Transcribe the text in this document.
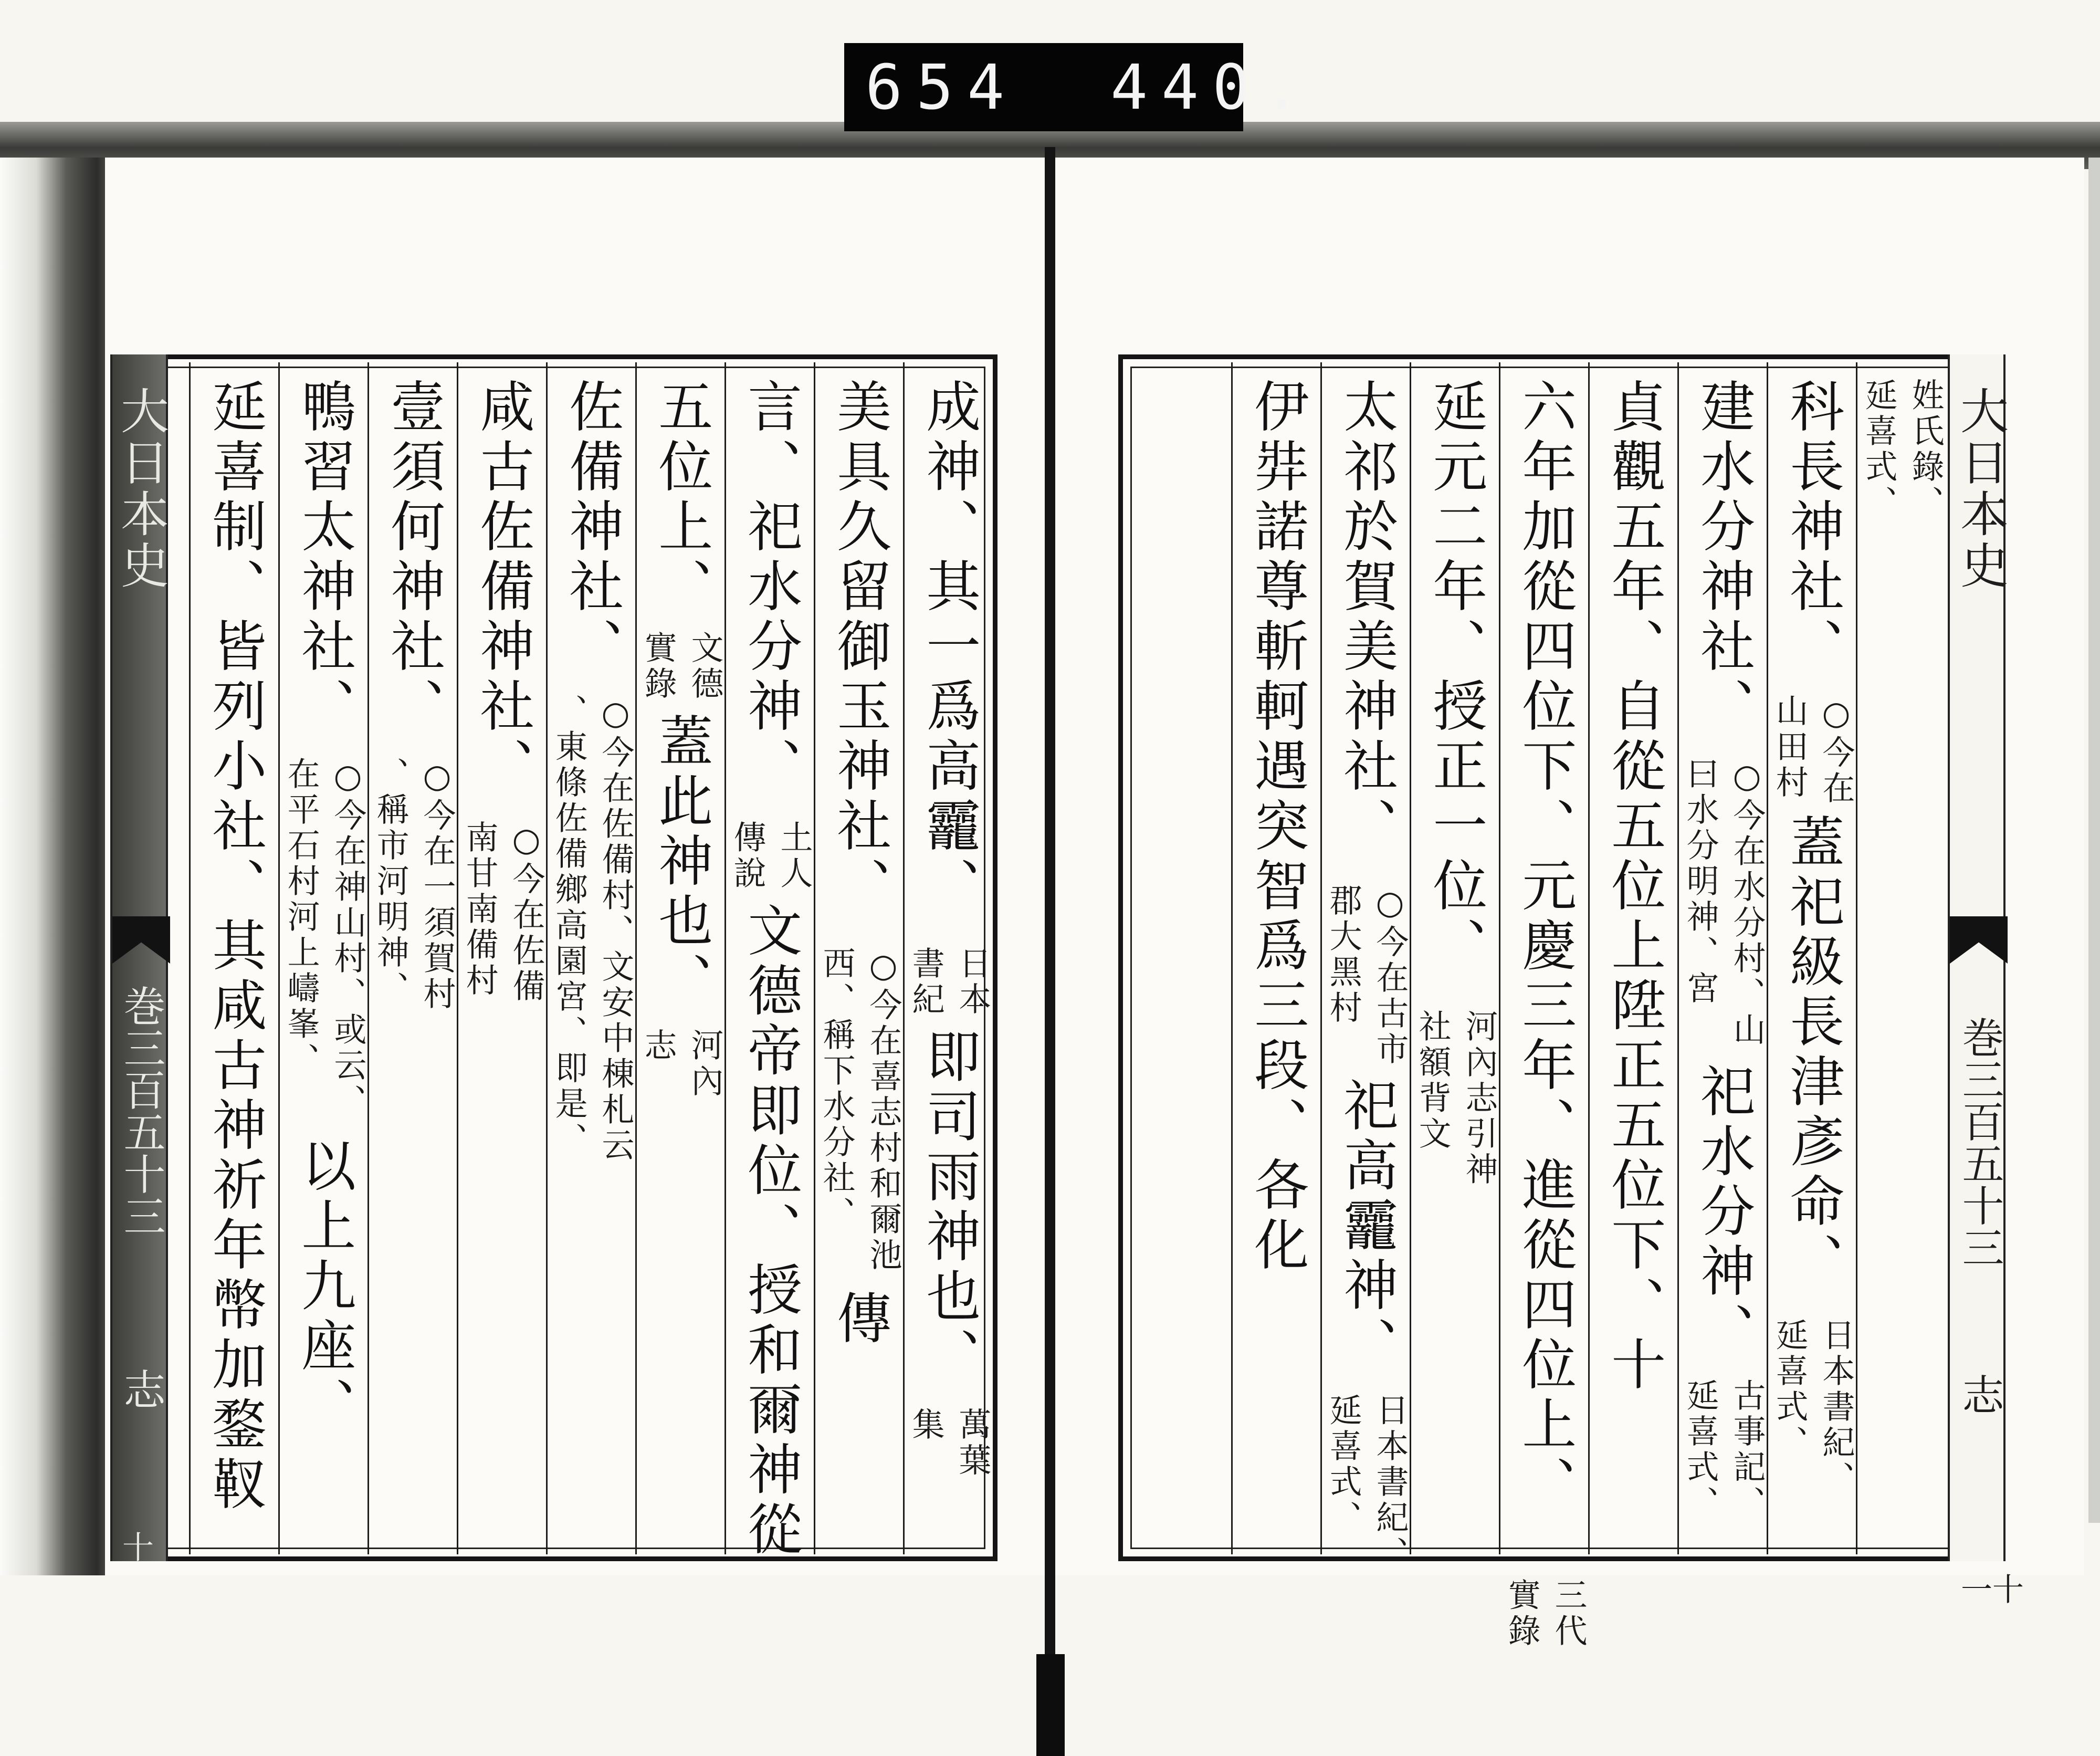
654 440.
大日本史
巻三百五十三
志
十
成神、其一爲高龗、
日本
書紀
即司雨神也、
萬葉
集
美具久留御玉神社、
○今在喜志村和爾池
西、稱下水分社、
傳
言、祀水分神、
土人
傳說
文德帝即位、授和爾神從
五位上、
文德
實錄
蓋此神也、
河內
志
佐備神社、
○今在佐備村、文安中棟札云
、東條佐備鄉高園宮、即是、
咸古佐備神社、
○今在佐備
南甘南備村
壹須何神社、
○今在一須賀村
、稱市河明神、
鴨習太神社、
○今在神山村、或云、
在平石村河上嶹峯、
以上九座、
延喜制、皆列小社、其咸古神祈年幣加鍪靫	大日本史
巻三百五十三
志
十一
姓氏錄、
延喜式、
科長神社、
○今在
山田村
蓋祀級長津彥命、
日本書紀、
延喜式、
建水分神社、
○今在水分村、山
曰水分明神、宮
祀水分神、
古事記、
延喜式、
貞觀五年、自從五位上陞正五位下、十
六年加從四位下、元慶三年、進從四位上、
三代
實錄
延元二年、授正一位、
河內志引神
社額背文
太祁於賀美神社、
○今在古市
郡大黑村
祀高龗神、
日本書紀、
延喜式、
伊弉諾尊斬軻遇突智爲三段、各化
